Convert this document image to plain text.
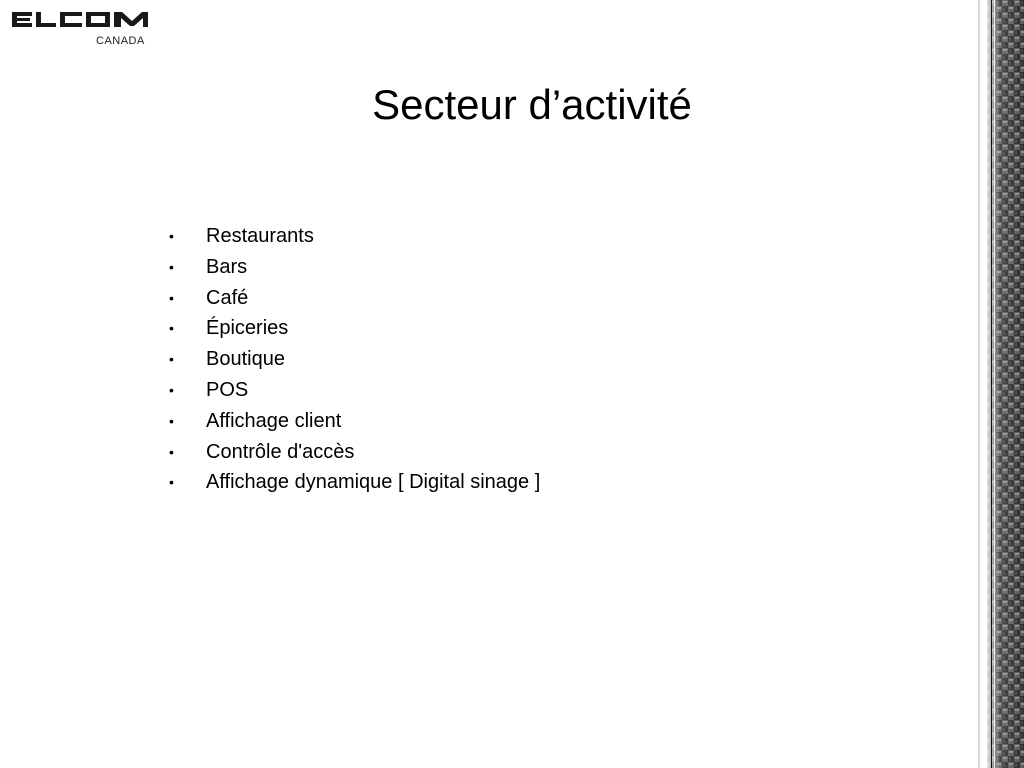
CANADA
Secteur d’activité
• Restaurants
• Bars
• Café
• Épiceries
• Boutique
• POS
• Affichage client
• Contrôle d'accès
• Affichage dynamique [ Digital sinage ]
